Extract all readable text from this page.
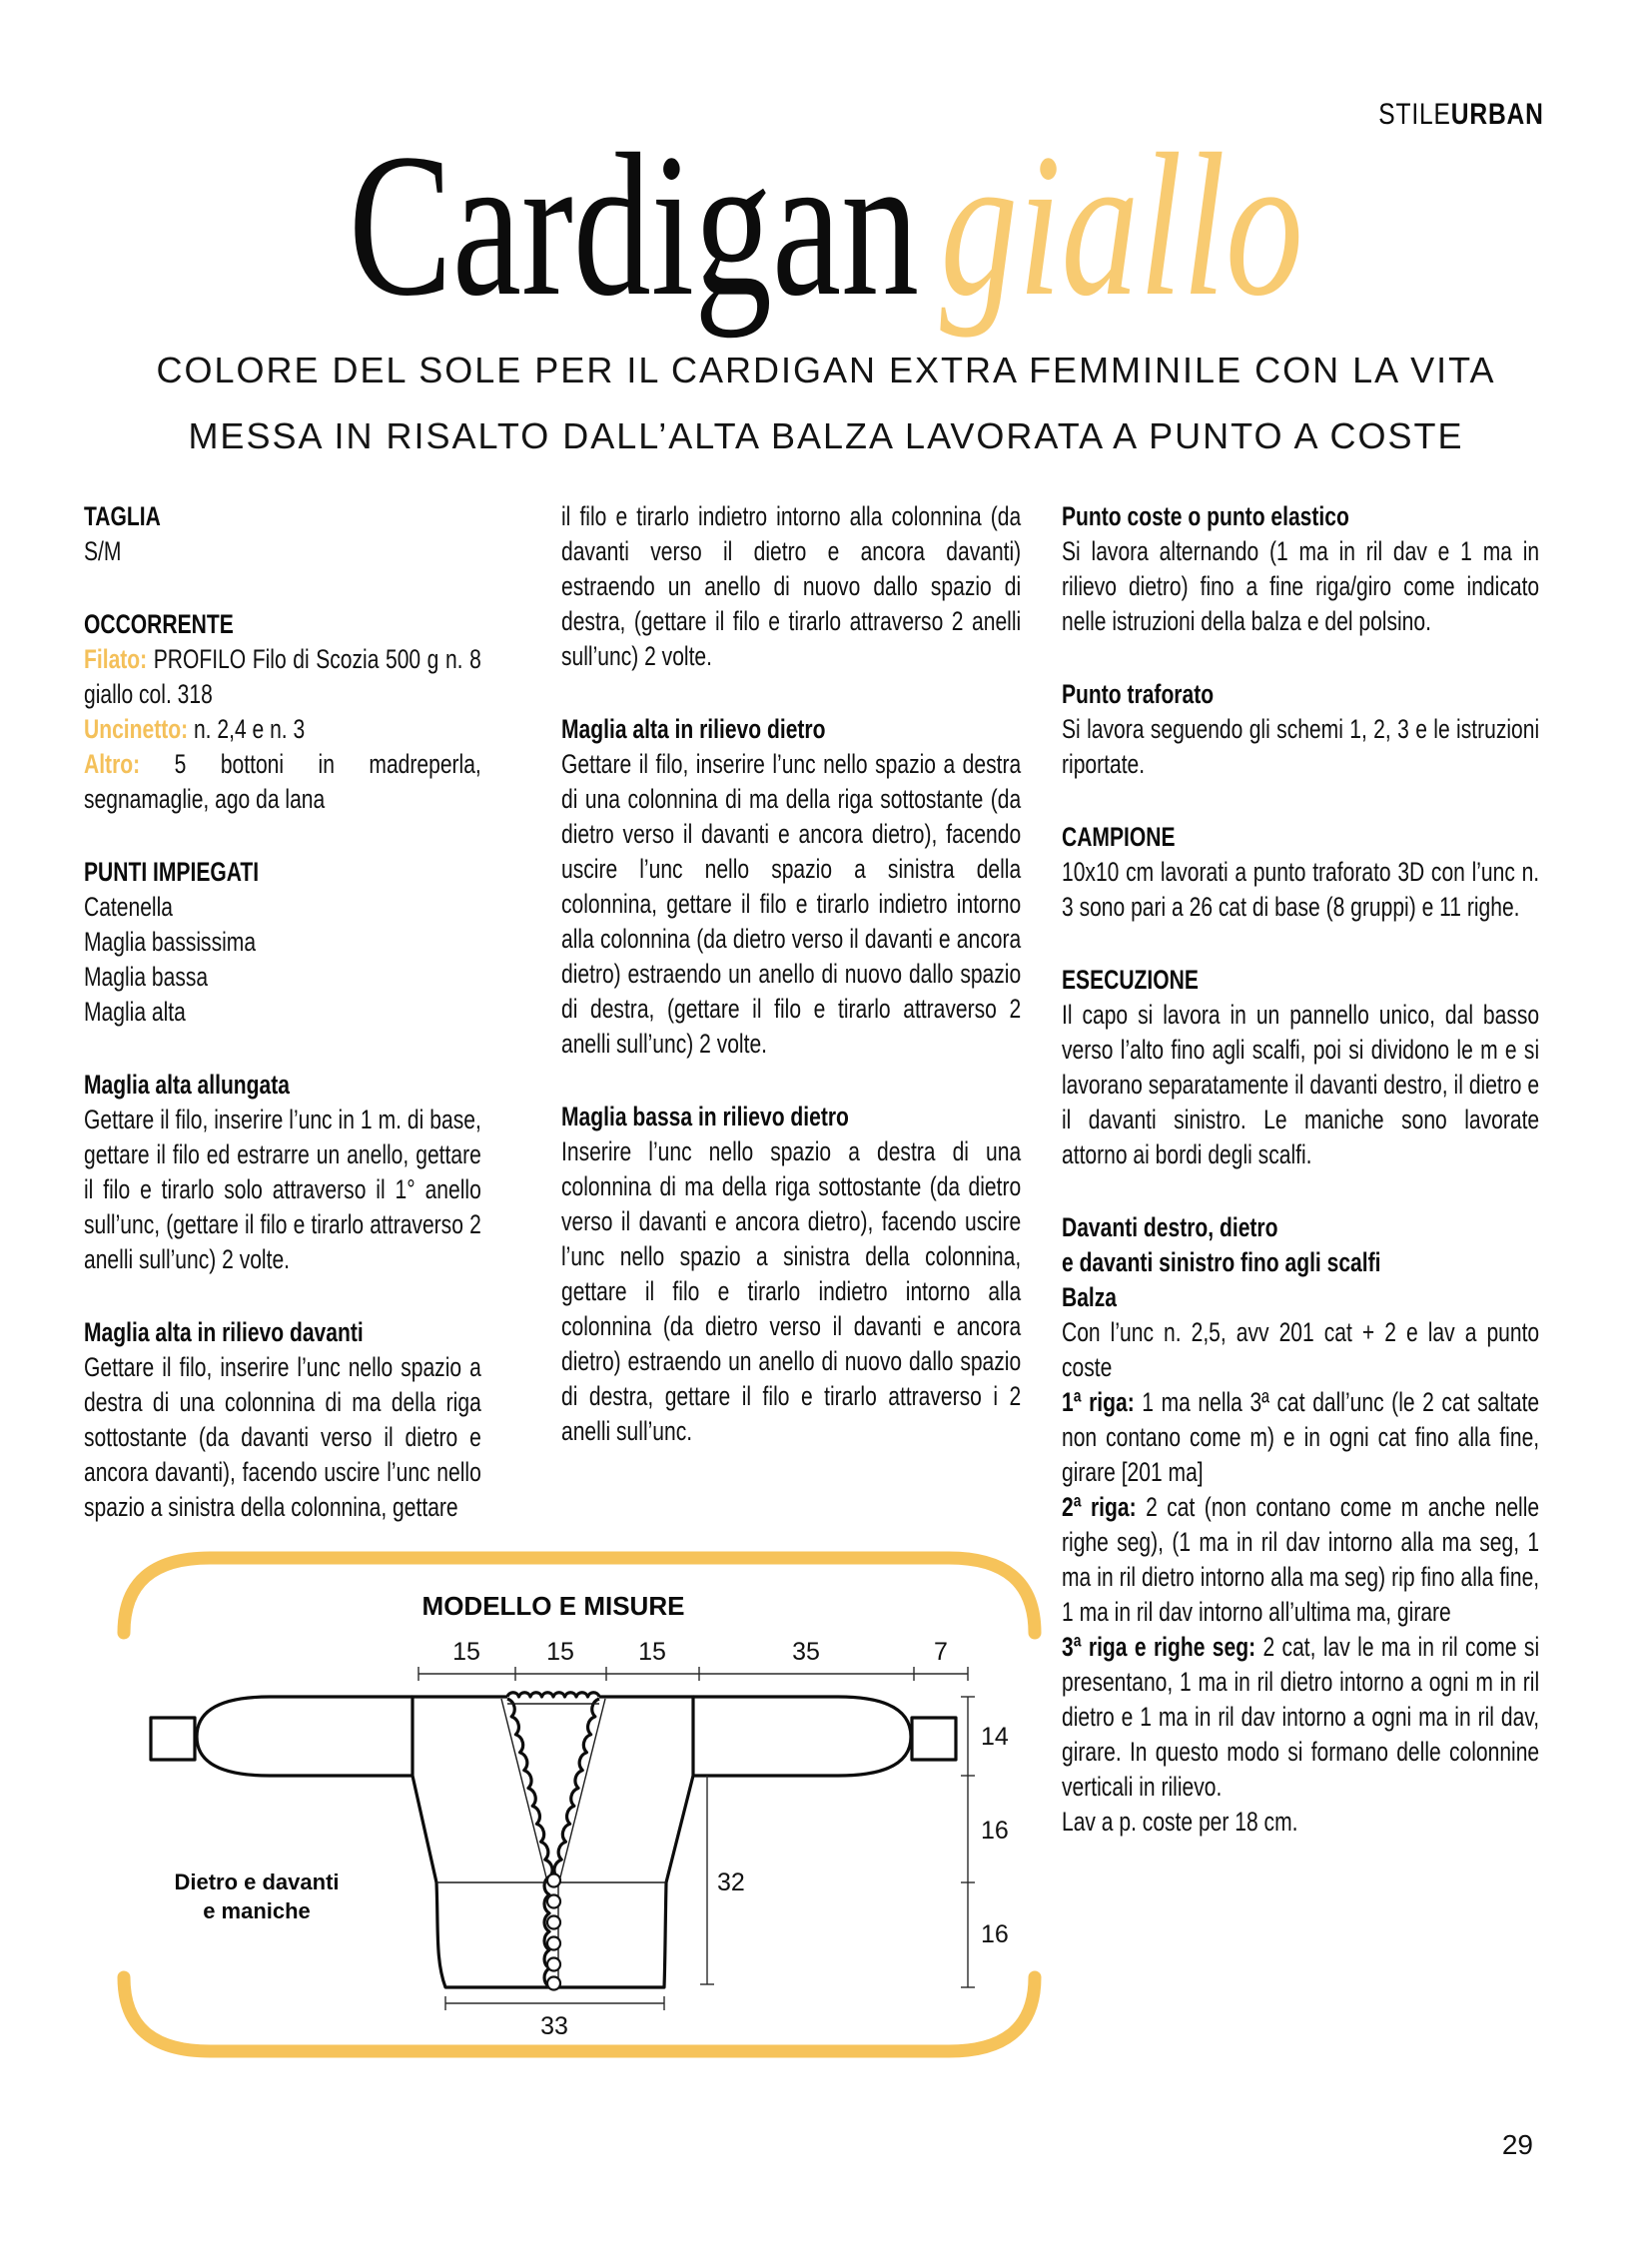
STILEURBAN
Cardigan giallo
COLORE DEL SOLE PER IL CARDIGAN EXTRA FEMMINILE CON LA VITA
MESSA IN RISALTO DALL’ALTA BALZA LAVORATA A PUNTO A COSTE
TAGLIA
S/M
OCCORRENTE
Filato: PROFILO Filo di Scozia 500 g n. 8 giallo col. 318
Uncinetto: n. 2,4 e n. 3
Altro: 5 bottoni in madreperla, segnamaglie, ago da lana
PUNTI IMPIEGATI
Catenella
Maglia bassissima
Maglia bassa
Maglia alta
Maglia alta allungata
Gettare il filo, inserire l’unc in 1 m. di base, gettare il filo ed estrarre un anello, gettare il filo e tirarlo solo attraverso il 1° anello sull’unc, (gettare il filo e tirarlo attraverso 2 anelli sull’unc) 2 volte.
Maglia alta in rilievo davanti
Gettare il filo, inserire l’unc nello spazio a destra di una colonnina di ma della riga sottostante (da davanti verso il dietro e ancora davanti), facendo uscire l’unc nello spazio a sinistra della colonnina, gettare
il filo e tirarlo indietro intorno alla colonnina (da davanti verso il dietro e ancora davanti) estraendo un anello di nuovo dallo spazio di destra, (gettare il filo e tirarlo attraverso 2 anelli sull’unc) 2 volte.
Maglia alta in rilievo dietro
Gettare il filo, inserire l’unc nello spazio a destra di una colonnina di ma della riga sottostante (da dietro verso il davanti e ancora dietro), facendo uscire l’unc nello spazio a sinistra della colonnina, gettare il filo e tirarlo indietro intorno alla colonnina (da dietro verso il davanti e ancora dietro) estraendo un anello di nuovo dallo spazio di destra, (gettare il filo e tirarlo attraverso 2 anelli sull’unc) 2 volte.
Maglia bassa in rilievo dietro
Inserire l’unc nello spazio a destra di una colonnina di ma della riga sottostante (da dietro verso il davanti e ancora dietro), facendo uscire l’unc nello spazio a sinistra della colonnina, gettare il filo e tirarlo indietro intorno alla colonnina (da dietro verso il davanti e ancora dietro) estraendo un anello di nuovo dallo spazio di destra, gettare il filo e tirarlo attraverso i 2 anelli sull’unc.
Punto coste o punto elastico
Si lavora alternando (1 ma in ril dav e 1 ma in rilievo dietro) fino a fine riga/giro come indicato nelle istruzioni della balza e del polsino.
Punto traforato
Si lavora seguendo gli schemi 1, 2, 3 e le istruzioni riportate.
CAMPIONE
10x10 cm lavorati a punto traforato 3D con l’unc n. 3 sono pari a 26 cat di base (8 gruppi) e 11 righe.
ESECUZIONE
Il capo si lavora in un pannello unico, dal basso verso l’alto fino agli scalfi, poi si dividono le m e si lavorano separatamente il davanti destro, il dietro e il davanti sinistro. Le maniche sono lavorate attorno ai bordi degli scalfi.
Davanti destro, dietro
e davanti sinistro fino agli scalfi
Balza
Con l’unc n. 2,5, avv 201 cat + 2 e lav a punto coste
1ª riga: 1 ma nella 3ª cat dall’unc (le 2 cat saltate non contano come m) e in ogni cat fino alla fine, girare [201 ma]
2ª riga: 2 cat (non contano come m anche nelle righe seg), (1 ma in ril dav intorno alla ma seg, 1 ma in ril dietro intorno alla ma seg) rip fino alla fine, 1 ma in ril dav intorno all’ultima ma, girare
3ª riga e righe seg: 2 cat, lav le ma in ril come si presentano, 1 ma in ril dietro intorno a ogni m in ril dietro e 1 ma in ril dav intorno a ogni ma in ril dav, girare. In questo modo si formano delle colonnine verticali in rilievo.
Lav a p. coste per 18 cm.
MODELLO E MISURE
Dietro e davanti
e maniche
15	15	15	35	7
14
16
16
32
33
29
